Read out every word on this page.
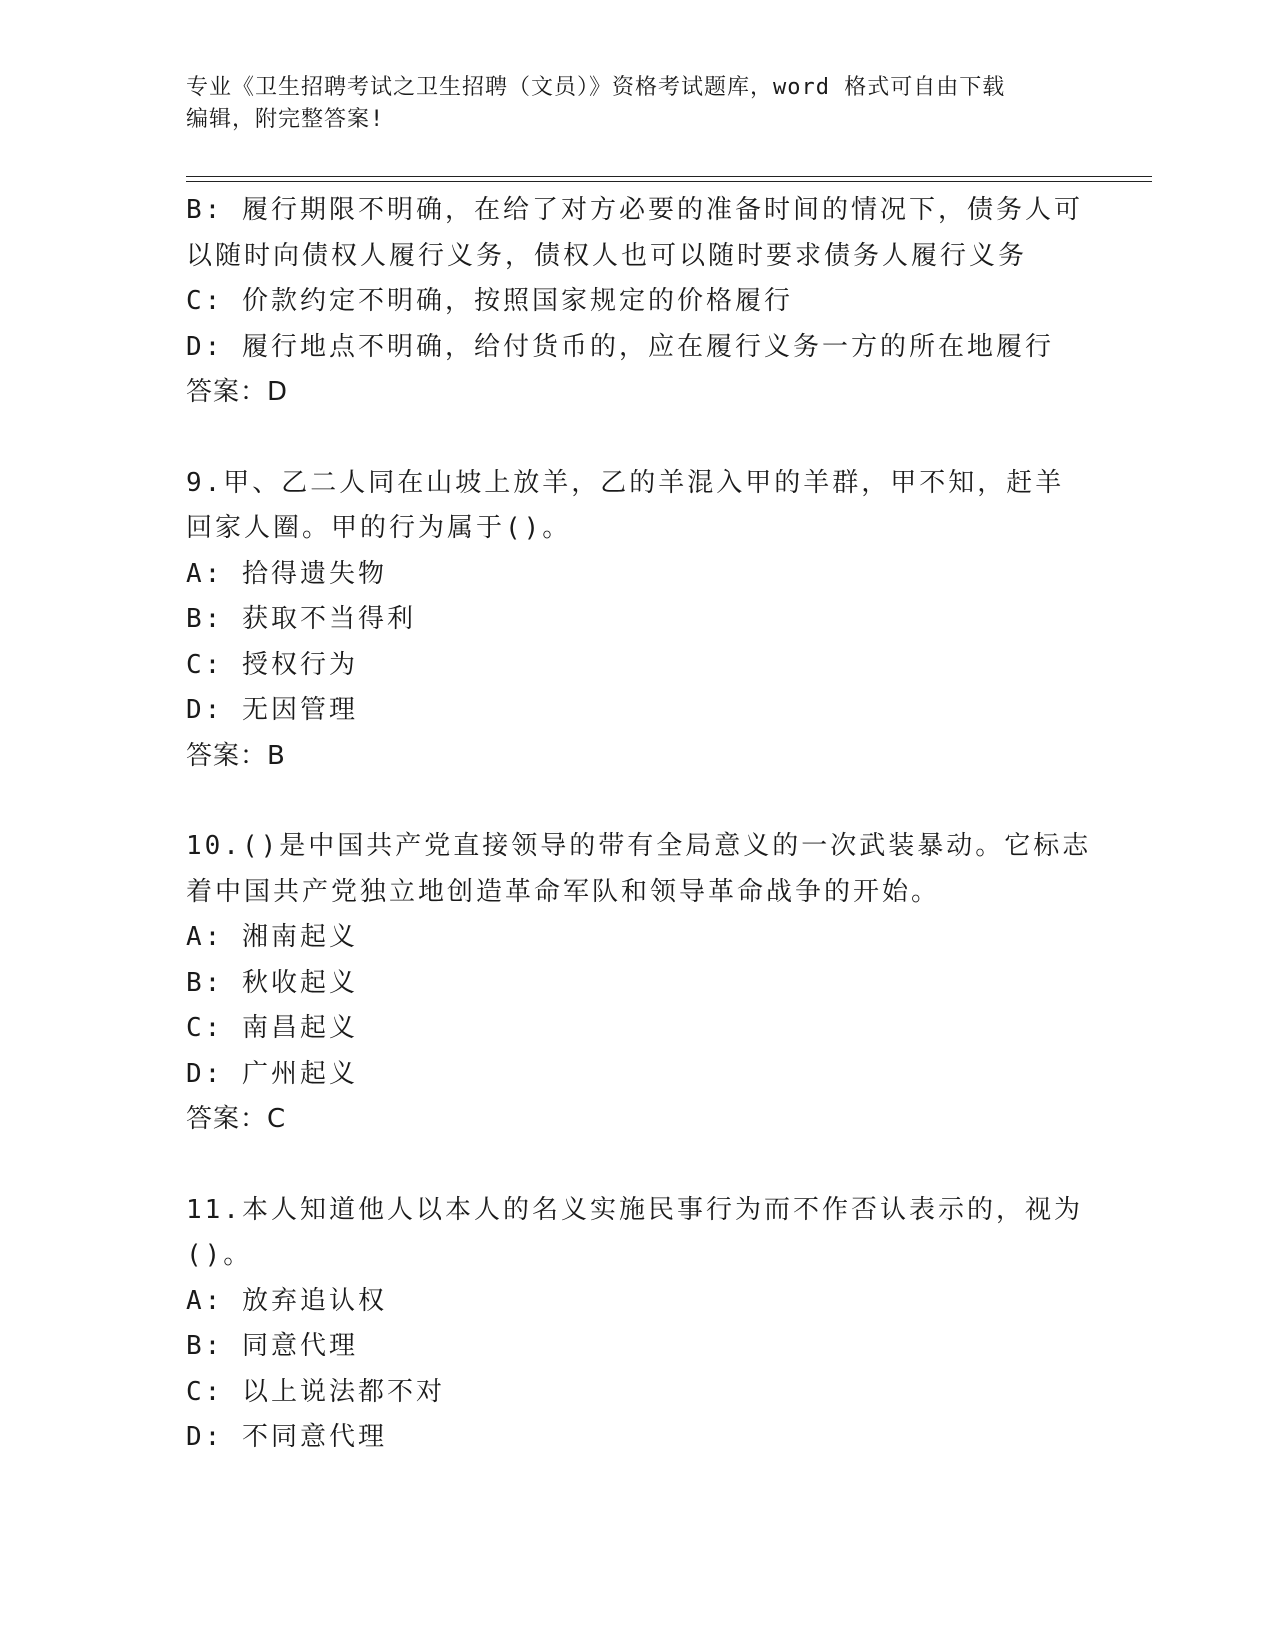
专业《卫生招聘考试之卫生招聘（文员）》资格考试题库，word 格式可自由下载
编辑，附完整答案!
B: 履行期限不明确，在给了对方必要的准备时间的情况下，债务人可
以随时向债权人履行义务，债权人也可以随时要求债务人履行义务
C: 价款约定不明确，按照国家规定的价格履行
D: 履行地点不明确，给付货币的，应在履行义务一方的所在地履行
答案：D
9.甲、乙二人同在山坡上放羊，乙的羊混入甲的羊群，甲不知，赶羊
回家人圈。甲的行为属于()。
A: 拾得遗失物
B: 获取不当得利
C: 授权行为
D: 无因管理
答案：B
10.()是中国共产党直接领导的带有全局意义的一次武装暴动。它标志
着中国共产党独立地创造革命军队和领导革命战争的开始。
A: 湘南起义
B: 秋收起义
C: 南昌起义
D: 广州起义
答案：C
11.本人知道他人以本人的名义实施民事行为而不作否认表示的，视为
()。
A: 放弃追认权
B: 同意代理
C: 以上说法都不对
D: 不同意代理
